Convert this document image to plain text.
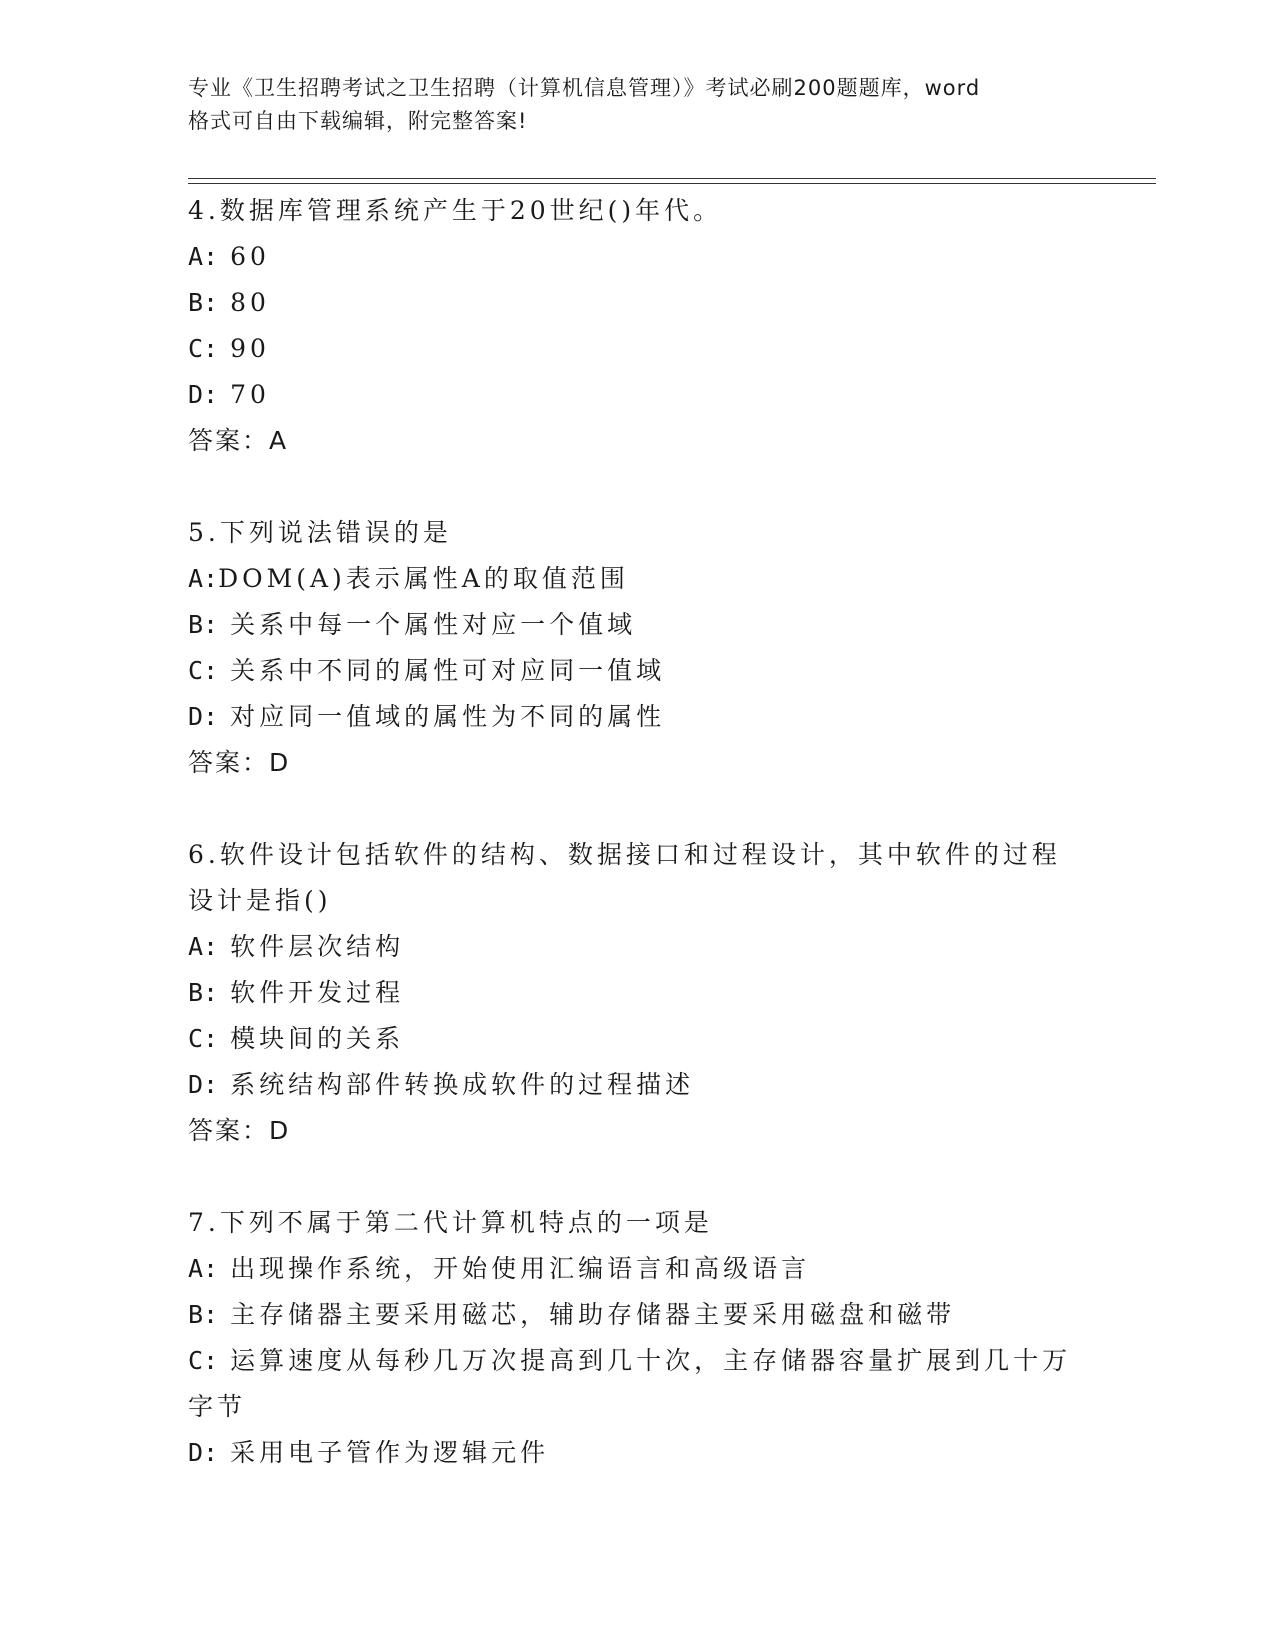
专业《卫生招聘考试之卫生招聘（计算机信息管理）》考试必刷200题题库，word
格式可自由下载编辑，附完整答案!
4.数据库管理系统产生于20世纪()年代。
A: 60
B: 80
C: 90
D: 70
答案：A
5.下列说法错误的是
A:DOM(A)表示属性A的取值范围
B: 关系中每一个属性对应一个值域
C: 关系中不同的属性可对应同一值域
D: 对应同一值域的属性为不同的属性
答案：D
6.软件设计包括软件的结构、数据接口和过程设计，其中软件的过程设计是指()
A: 软件层次结构
B: 软件开发过程
C: 模块间的关系
D: 系统结构部件转换成软件的过程描述
答案：D
7.下列不属于第二代计算机特点的一项是
A: 出现操作系统，开始使用汇编语言和高级语言
B: 主存储器主要采用磁芯，辅助存储器主要采用磁盘和磁带
C: 运算速度从每秒几万次提高到几十次，主存储器容量扩展到几十万字节
D: 采用电子管作为逻辑元件
